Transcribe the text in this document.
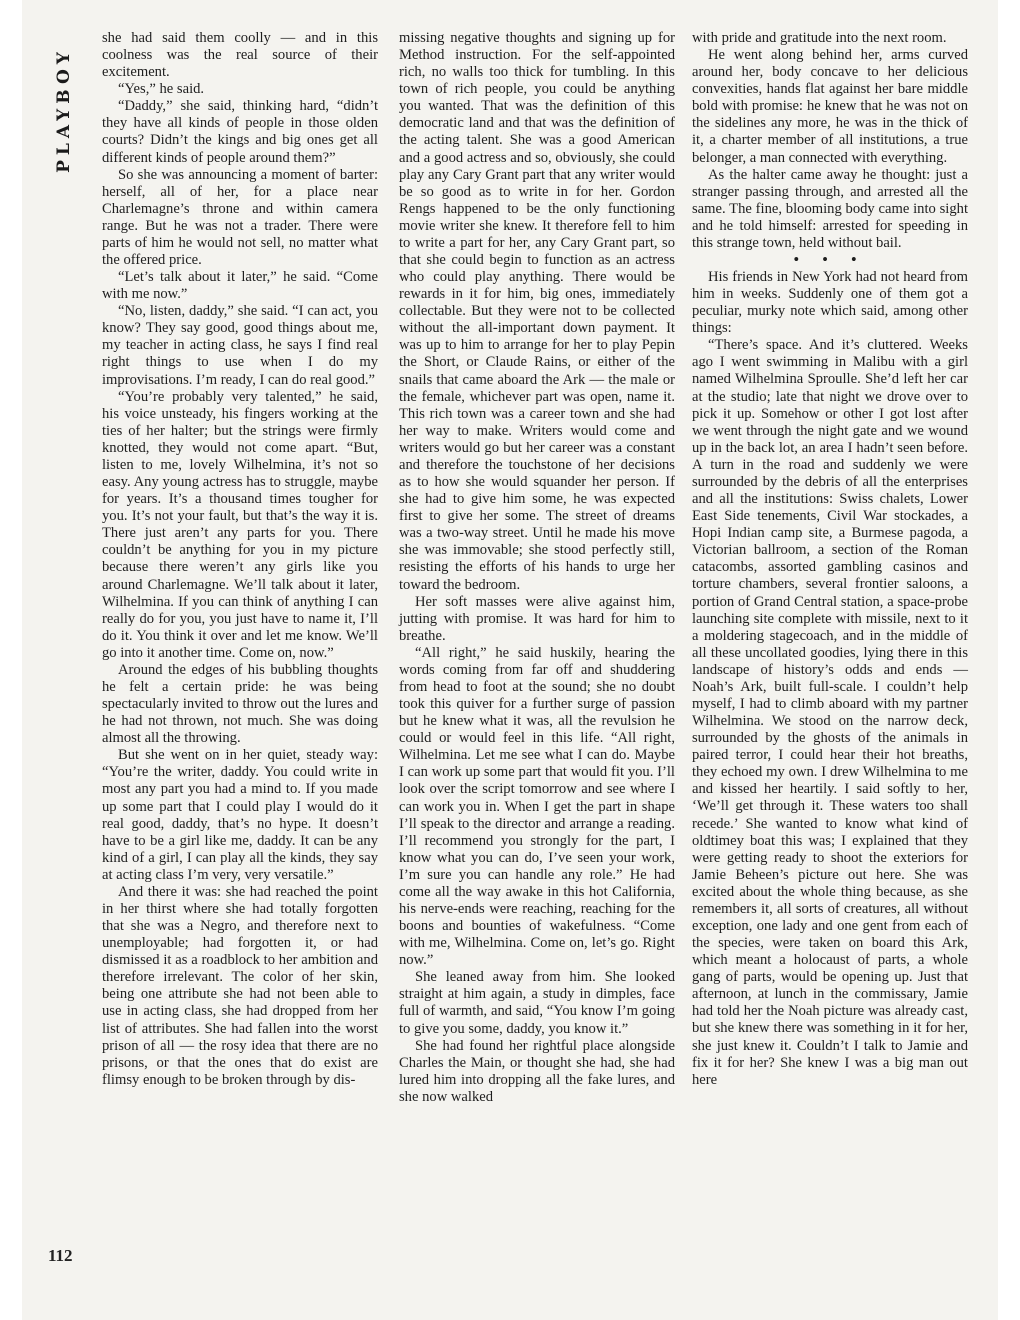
PLAYBOY

she had said them coolly — and in this coolness was the real source of their excitement.

“Yes,” he said.

“Daddy,” she said, thinking hard, “didn’t they have all kinds of people in those olden courts? Didn’t the kings and big ones get all different kinds of people around them?”

So she was announcing a moment of barter: herself, all of her, for a place near Charlemagne’s throne and within camera range. But he was not a trader. There were parts of him he would not sell, no matter what the offered price.

“Let’s talk about it later,” he said. “Come with me now.”

“No, listen, daddy,” she said. “I can act, you know? They say good, good things about me, my teacher in acting class, he says I find real right things to use when I do my improvisations. I’m ready, I can do real good.”

“You’re probably very talented,” he said, his voice unsteady, his fingers working at the ties of her halter; but the strings were firmly knotted, they would not come apart. “But, listen to me, lovely Wilhelmina, it’s not so easy. Any young actress has to struggle, maybe for years. It’s a thousand times tougher for you. It’s not your fault, but that’s the way it is. There just aren’t any parts for you. There couldn’t be anything for you in my picture because there weren’t any girls like you around Charlemagne. We’ll talk about it later, Wilhelmina. If you can think of anything I can really do for you, you just have to name it, I’ll do it. You think it over and let me know. We’ll go into it another time. Come on, now.”

Around the edges of his bubbling thoughts he felt a certain pride: he was being spectacularly invited to throw out the lures and he had not thrown, not much. She was doing almost all the throwing.

But she went on in her quiet, steady way: “You’re the writer, daddy. You could write in most any part you had a mind to. If you made up some part that I could play I would do it real good, daddy, that’s no hype. It doesn’t have to be a girl like me, daddy. It can be any kind of a girl, I can play all the kinds, they say at acting class I’m very, very versatile.”

And there it was: she had reached the point in her thirst where she had totally forgotten that she was a Negro, and therefore next to unemployable; had forgotten it, or had dismissed it as a roadblock to her ambition and therefore irrelevant. The color of her skin, being one attribute she had not been able to use in acting class, she had dropped from her list of attributes. She had fallen into the worst prison of all — the rosy idea that there are no prisons, or that the ones that do exist are flimsy enough to be broken through by dis-

missing negative thoughts and signing up for Method instruction. For the self-appointed rich, no walls too thick for tumbling. In this town of rich people, you could be anything you wanted. That was the definition of this democratic land and that was the definition of the acting talent. She was a good American and a good actress and so, obviously, she could play any Cary Grant part that any writer would be so good as to write in for her. Gordon Rengs happened to be the only functioning movie writer she knew. It therefore fell to him to write a part for her, any Cary Grant part, so that she could begin to function as an actress who could play anything. There would be rewards in it for him, big ones, immediately collectable. But they were not to be collected without the all-important down payment. It was up to him to arrange for her to play Pepin the Short, or Claude Rains, or either of the snails that came aboard the Ark — the male or the female, whichever part was open, name it. This rich town was a career town and she had her way to make. Writers would come and writers would go but her career was a constant and therefore the touchstone of her decisions as to how she would squander her person. If she had to give him some, he was expected first to give her some. The street of dreams was a two-way street. Until he made his move she was immovable; she stood perfectly still, resisting the efforts of his hands to urge her toward the bedroom.

Her soft masses were alive against him, jutting with promise. It was hard for him to breathe.

“All right,” he said huskily, hearing the words coming from far off and shuddering from head to foot at the sound; she no doubt took this quiver for a further surge of passion but he knew what it was, all the revulsion he could or would feel in this life. “All right, Wilhelmina. Let me see what I can do. Maybe I can work up some part that would fit you. I’ll look over the script tomorrow and see where I can work you in. When I get the part in shape I’ll speak to the director and arrange a reading. I’ll recommend you strongly for the part, I know what you can do, I’ve seen your work, I’m sure you can handle any role.” He had come all the way awake in this hot California, his nerve-ends were reaching, reaching for the boons and bounties of wakefulness. “Come with me, Wilhelmina. Come on, let’s go. Right now.”

She leaned away from him. She looked straight at him again, a study in dimples, face full of warmth, and said, “You know I’m going to give you some, daddy, you know it.”

She had found her rightful place alongside Charles the Main, or thought she had, she had lured him into dropping all the fake lures, and she now walked

with pride and gratitude into the next room.

He went along behind her, arms curved around her, body concave to her delicious convexities, hands flat against her bare middle bold with promise: he knew that he was not on the sidelines any more, he was in the thick of it, a charter member of all institutions, a true belonger, a man connected with everything.

As the halter came away he thought: just a stranger passing through, and arrested all the same. The fine, blooming body came into sight and he told himself: arrested for speeding in this strange town, held without bail.

• • •

His friends in New York had not heard from him in weeks. Suddenly one of them got a peculiar, murky note which said, among other things:

“There’s space. And it’s cluttered. Weeks ago I went swimming in Malibu with a girl named Wilhelmina Sproulle. She’d left her car at the studio; late that night we drove over to pick it up. Somehow or other I got lost after we went through the night gate and we wound up in the back lot, an area I hadn’t seen before. A turn in the road and suddenly we were surrounded by the debris of all the enterprises and all the institutions: Swiss chalets, Lower East Side tenements, Civil War stockades, a Hopi Indian camp site, a Burmese pagoda, a Victorian ballroom, a section of the Roman catacombs, assorted gambling casinos and torture chambers, several frontier saloons, a portion of Grand Central station, a space-probe launching site complete with missile, next to it a moldering stagecoach, and in the middle of all these uncollated goodies, lying there in this landscape of history’s odds and ends — Noah’s Ark, built full-scale. I couldn’t help myself, I had to climb aboard with my partner Wilhelmina. We stood on the narrow deck, surrounded by the ghosts of the animals in paired terror, I could hear their hot breaths, they echoed my own. I drew Wilhelmina to me and kissed her heartily. I said softly to her, ‘We’ll get through it. These waters too shall recede.’ She wanted to know what kind of oldtimey boat this was; I explained that they were getting ready to shoot the exteriors for Jamie Beheen’s picture out here. She was excited about the whole thing because, as she remembers it, all sorts of creatures, all without exception, one lady and one gent from each of the species, were taken on board this Ark, which meant a holocaust of parts, a whole gang of parts, would be opening up. Just that afternoon, at lunch in the commissary, Jamie had told her the Noah picture was already cast, but she knew there was something in it for her, she just knew it. Couldn’t I talk to Jamie and fix it for her? She knew I was a big man out here

112
